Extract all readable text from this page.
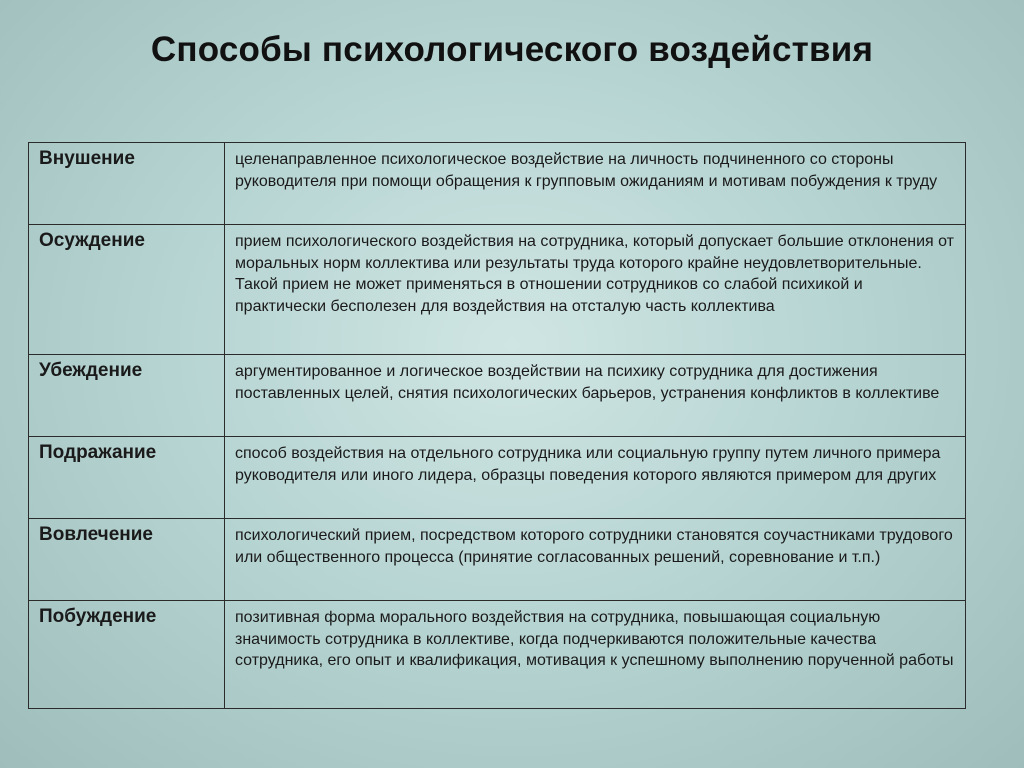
Способы психологического воздействия
Внушение	целенаправленное психологическое воздействие на личность подчиненного со стороны руководителя при помощи обращения к групповым ожиданиям и мотивам побуждения к труду
Осуждение	прием психологического воздействия на сотрудника, который допускает большие отклонения от моральных норм коллектива или результаты труда которого крайне неудовлетворительные. Такой прием не может применяться в отношении сотрудников со слабой психикой и практически бесполезен для воздействия на отсталую часть коллектива
Убеждение	аргументированное и логическое воздействии на психику сотрудника для достижения поставленных целей, снятия психологических барьеров, устранения конфликтов в коллективе
Подражание	способ воздействия на отдельного сотрудника или социальную группу путем личного примера руководителя или иного лидера, образцы поведения которого являются примером для других
Вовлечение	психологический прием, посредством которого сотрудники становятся соучастниками трудового или общественного процесса (принятие согласованных решений, соревнование и т.п.)
Побуждение	позитивная форма морального воздействия на сотрудника, повышающая социальную значимость сотрудника в коллективе, когда подчеркиваются положительные качества сотрудника, его опыт и квалификация, мотивация к успешному выполнению порученной работы
